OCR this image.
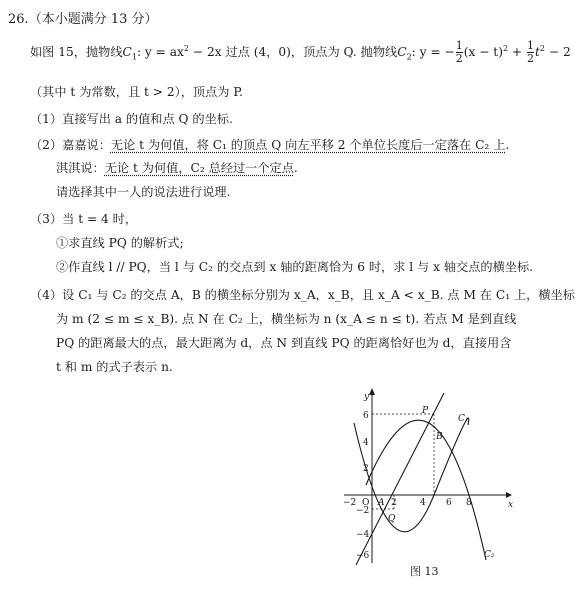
26.（本小题满分 13 分）
如图 15，抛物线$C_1$: $y = ax^2 - 2x$ 过点 (4，0)，顶点为 Q. 抛物线$C_2$: y = − $\frac{1}{2} (x - t)^2 + \frac{1}{2} t^2 - 2$
（其中 t 为常数，且 t > 2），顶点为 P.
（1）直接写出 a 的值和点 Q 的坐标.
（2）嘉嘉说：无论 t 为何值，将 C₁ 的顶点 Q 向左平移 2 个单位长度后一定落在 C₂ 上.
淇淇说：无论 t 为何值，C₂ 总经过一个定点.
请选择其中一人的说法进行说理.
（3）当 t = 4 时，
①求直线 PQ 的解析式;
②作直线 l // PQ，当 l 与 C₂ 的交点到 x 轴的距离恰为 6 时，求 l 与 x 轴交点的横坐标.
（4）设 C₁ 与 C₂ 的交点 A，B 的横坐标分别为 x_A，x_B，且 x_A < x_B. 点 M 在 C₁ 上，横坐标
为 m (2 ≤ m ≤ x_B). 点 N 在 C₂ 上，横坐标为 n (x_A ≤ n ≤ t). 若点 M 是到直线
PQ 的距离最大的点，最大距离为 d，点 N 到直线 PQ 的距离恰好也为 d，直接用含
t 和 m 的式子表示 n.
x
y
O
−2	2	4 6 8
6
4
2
−2
−4
−6
P
Q
A
B
C₁
C₂
图 13
